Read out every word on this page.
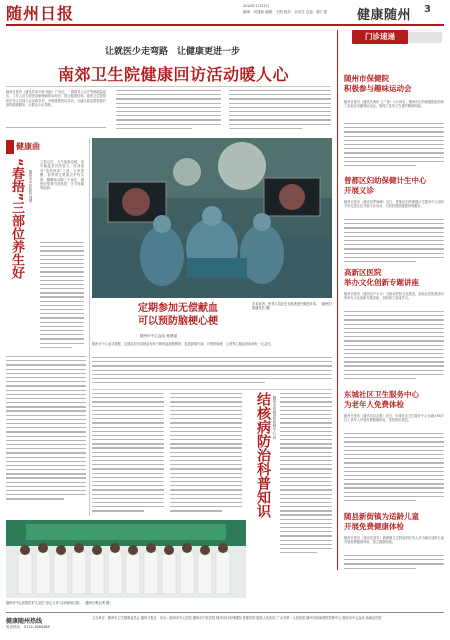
随州日报	2024年1月22日
编审：向建新 编辑：王程 校对：余芳芬 总监：陈广建 健康随州 3
让就医少走弯路　让健康更进一步
南郊卫生院健康回访活动暖人心
随州日报讯（通讯员邹小林 何丽）广场边，一群群老人正在等候测量血压，工作人员为居民讲解慢病防治知识，建立健康档案。南郊卫生院组织医务人员深入社区和乡村，开展健康回访活动，为辖区群众提供面对面的健康服务，让群众少走弯路。
门诊速递
随州市保健院
积极参与趣味运动会
随州日报讯（通讯员黄伟 王广林）1月18日，随州市妇幼保健院组织职工参加全市趣味运动会，展现了医务工作者的精神风貌。
曾都区妇幼保健计生中心
开展义诊
随州日报讯（通讯员罗晓峰）近日，曾都区妇幼保健计生服务中心组织专家走进社区开展义诊活动，为居民提供健康咨询服务。
高新区医院
举办文化创新专题讲座
随州日报讯（通讯员卢小平）为推动医院文化建设，高新区医院邀请专家举办文化创新专题讲座，全院职工参加学习。
东城社区卫生服务中心
为老年人免费体检
随州日报讯（通讯员吴志刚）近日，东城社区卫生服务中心为辖区65岁以上老年人开展免费健康体检，受到居民欢迎。
随县新街镇为适龄儿童
开展免费健康体检
随州日报讯（通讯员刘芳）新街镇卫生院组织医务人员为辖区适龄儿童开展免费健康体检，建立健康档案。
健康曲
“春捂”三部位养生好 随州市中医医院 刘勇
立春过后，天气逐渐变暖，但早晚温差仍然较大，民间素有“春捂秋冻”之说。专家提醒，春季养生要重点护好头颈、腰腹和双脚三个部位，避免因受寒引发感冒、关节疼痛等疾病。
手术室内，医务人员正在为患者进行微创手术。（随州日报通讯员 摄）
定期参加无偿献血
可以预防脑梗心梗
随州市中心血站 杨勇斌
随州市中心血站提醒，定期参加无偿献血有助于降低血液黏稠度，促进新陈代谢，对预防脑梗、心梗等心脑血管疾病有一定益处。
结核病防治科普知识 随州市疾病预防控制中心 宣
随州市中心医院医护人员在“爱心义诊”活动现场合影。（随州日报记者 摄）
健康随州热线
电话热线 0722-3860488
主办单位：随州市卫生健康委员会 随州日报社　协办：随州市中心医院 随州市中医医院 随州市妇幼保健院 曾都医院 随县人民医院 广水市第一人民医院 随州市疾病预防控制中心 随州市中心血站 高新区医院
